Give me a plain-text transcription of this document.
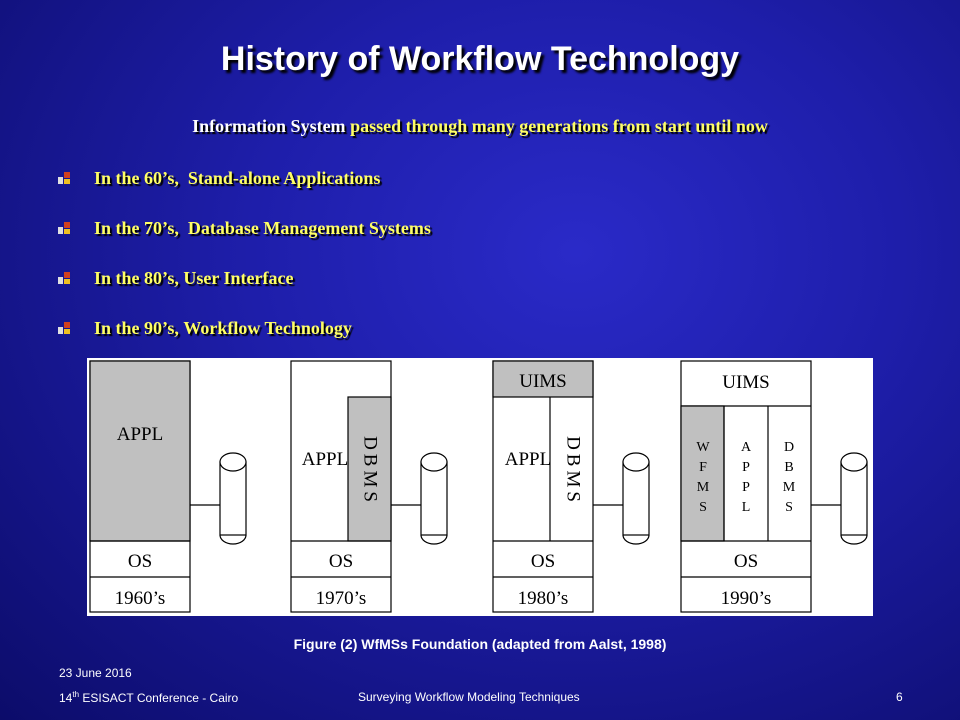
History of Workflow Technology
Information System passed through many generations from start until now
In the 60’s,
Stand-alone Applications
In the 70’s,
Database Management Systems
In the 80’s,
User Interface
In the 90’s,
Workflow Technology
APPL
OS
1960’s
APPL DBMS
OS
1970’s
UIMS
APPL DBMS
OS
1980’s
UIMS
W
F
M
S
A
P
P
L
D
B
M
S
OS
1990’s
Figure (2) WfMSs Foundation (adapted from Aalst, 1998)
23 June 2016
14th ESISACT Conference - Cairo	Surveying Workflow Modeling Techniques	6
